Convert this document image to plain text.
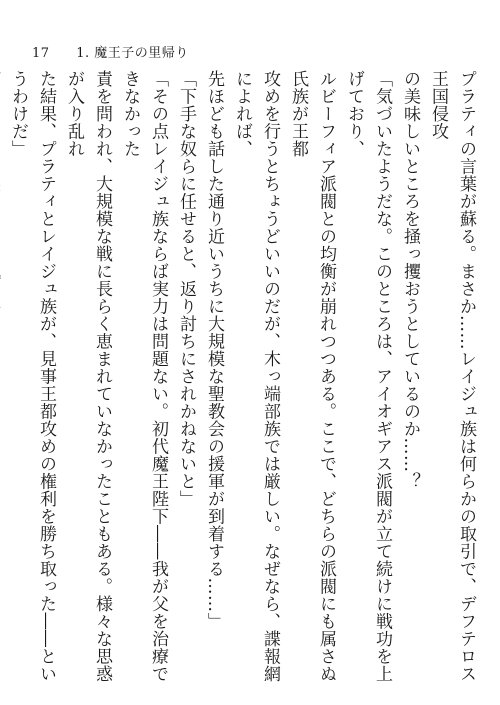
17 1. 魔王子の里帰り

プラティの言葉が蘇る。まさか……レイジュ族は何らかの取引で、デフテロス王国侵攻

の美味しいところを掻っ攫おうとしているのか……？

「気づいたようだな。このところは、アイオギアス派閥が立て続けに戦功を上げており、

ルビーフィア派閥との均衡が崩れつつある。ここで、どちらの派閥にも属さぬ氏族が王都

攻めを行うとちょうどいいのだが、木っ端部族では厳しい。なぜなら、諜報網によれば、

先ほども話した通り近いうちに大規模な聖教会の援軍が到着する……」

「下手な奴らに任せると、返り討ちにされかねないと」

「その点レイジュ族ならば実力は問題ない。初代魔王陛下――我が父を治療できなかった

責を問われ、大規模な戦に長らく恵まれていなかったこともある。様々な思惑が入り乱れ

た結果、プラティとレイジュ族が、見事王都攻めの権利を勝ち取った――というわけだ」
